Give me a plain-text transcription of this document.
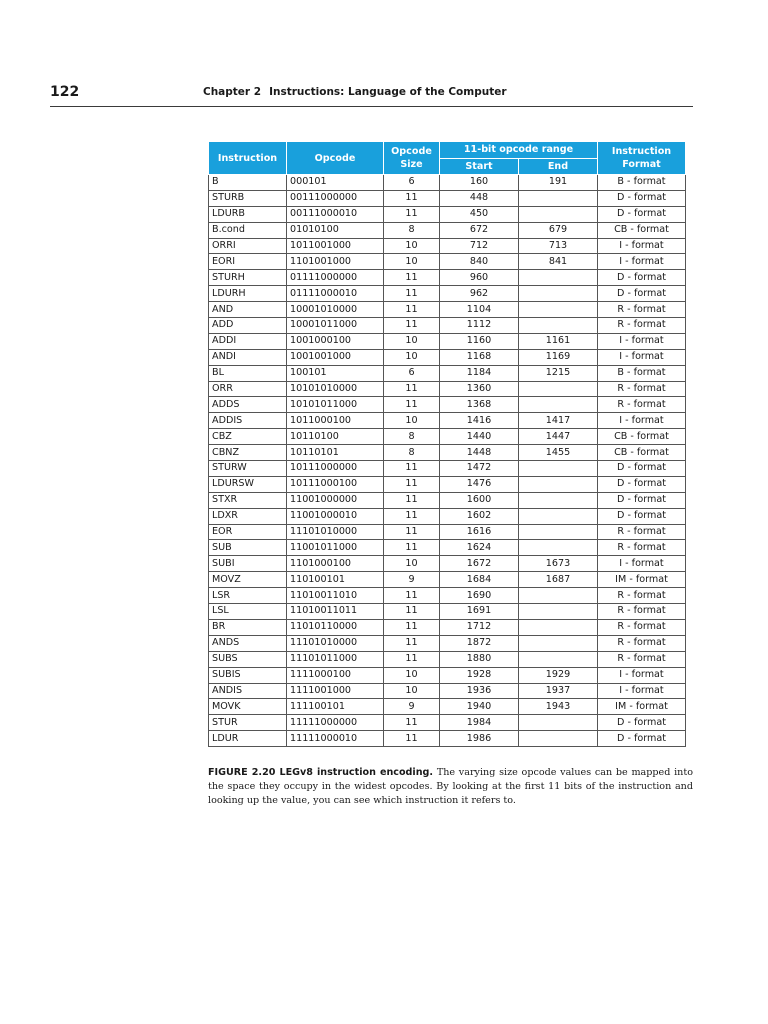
122	Chapter 2 Instructions: Language of the Computer
Instruction	Opcode	Opcode Size	11-bit opcode range		Instruction Format
			Start	End	
B	000101	6	160	191	B - format
STURB	00111000000	11	448		D - format
LDURB	00111000010	11	450		D - format
B.cond	01010100	8	672	679	CB - format
ORRI	1011001000	10	712	713	I - format
EORI	1101001000	10	840	841	I - format
STURH	01111000000	11	960		D - format
LDURH	01111000010	11	962		D - format
AND	10001010000	11	1104		R - format
ADD	10001011000	11	1112		R - format
ADDI	1001000100	10	1160	1161	I - format
ANDI	1001001000	10	1168	1169	I - format
BL	100101	6	1184	1215	B - format
ORR	10101010000	11	1360		R - format
ADDS	10101011000	11	1368		R - format
ADDIS	1011000100	10	1416	1417	I - format
CBZ	10110100	8	1440	1447	CB - format
CBNZ	10110101	8	1448	1455	CB - format
STURW	10111000000	11	1472		D - format
LDURSW	10111000100	11	1476		D - format
STXR	11001000000	11	1600		D - format
LDXR	11001000010	11	1602		D - format
EOR	11101010000	11	1616		R - format
SUB	11001011000	11	1624		R - format
SUBI	1101000100	10	1672	1673	I - format
MOVZ	110100101	9	1684	1687	IM - format
LSR	11010011010	11	1690		R - format
LSL	11010011011	11	1691		R - format
BR	11010110000	11	1712		R - format
ANDS	11101010000	11	1872		R - format
SUBS	11101011000	11	1880		R - format
SUBIS	1111000100	10	1928	1929	I - format
ANDIS	1111001000	10	1936	1937	I - format
MOVK	111100101	9	1940	1943	IM - format
STUR	11111000000	11	1984		D - format
LDUR	11111000010	11	1986		D - format
FIGURE 2.20 LEGv8 instruction encoding. The varying size opcode values can be mapped into the space they occupy in the widest opcodes. By looking at the first 11 bits of the instruction and looking up the value, you can see which instruction it refers to.
